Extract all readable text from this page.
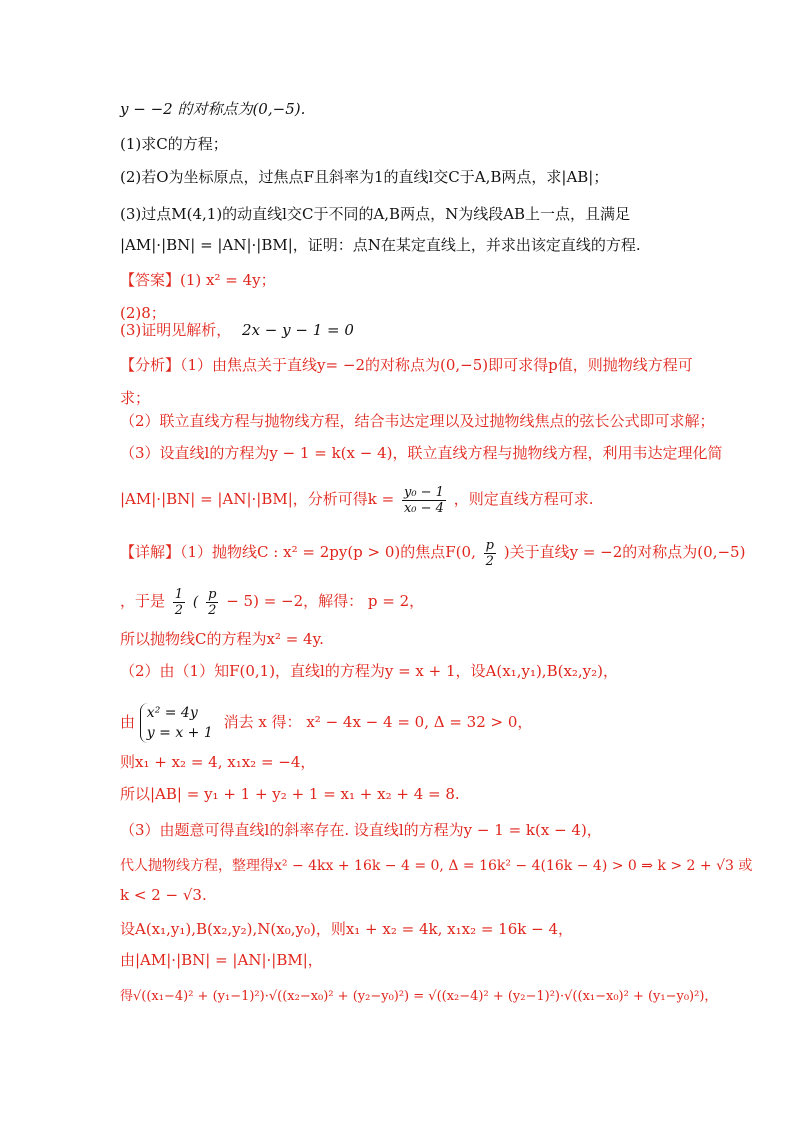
y − −2 的对称点为(0,−5).
(1)求C的方程；
(2)若O为坐标原点，过焦点F且斜率为1的直线l交C于A,B两点，求|AB|；
(3)过点M(4,1)的动直线l交C于不同的A,B两点，N为线段AB上一点，且满足
|AM|·|BN| = |AN|·|BM|，证明：点N在某定直线上，并求出该定直线的方程.
【答案】(1) x² = 4y；
(2)8；
(3)证明见解析， 2x − y − 1 = 0
【分析】（1）由焦点关于直线y= −2的对称点为(0,−5)即可求得p值，则抛物线方程可
求；
（2）联立直线方程与抛物线方程，结合韦达定理以及过抛物线焦点的弦长公式即可求解；
（3）设直线l的方程为y − 1 = k(x − 4)，联立直线方程与抛物线方程，利用韦达定理化简
|AM|·|BN| = |AN|·|BM|，分析可得$k = \frac{\text{y₀ − 1}}{\text{x₀ − 4}}$ ，则定直线方程可求.
【详解】（1）抛物线C : x² = 2py(p > 0)的焦点F(0, $\frac{p}{2}$ )关于直线y = −2的对称点为(0,−5)
，于是 $\frac{1}{2}$ ( $\frac{p}{2} - 5) = -2$，解得： p = 2，
所以抛物线C的方程为x² = 4y.
（2）由（1）知F(0,1)，直线l的方程为y = x + 1，设A(x₁,y₁),B(x₂,y₂)，
由 x² = 4y
y = x + 1
消去 x 得： x² − 4x − 4 = 0, Δ = 32 > 0，
则x₁ + x₂ = 4, x₁x₂ = −4，
所以|AB| = y₁ + 1 + y₂ + 1 = x₁ + x₂ + 4 = 8.
（3）由题意可得直线l的斜率存在. 设直线l的方程为y − 1 = k(x − 4)，
代人抛物线方程，整理得x² − 4kx + 16k − 4 = 0, Δ = 16k² − 4(16k − 4) > 0 ⇒ k > 2 + √3 或
k < 2 − √3.
设A(x₁,y₁),B(x₂,y₂),N(x₀,y₀)，则x₁ + x₂ = 4k, x₁x₂ = 16k − 4，
由|AM|·|BN| = |AN|·|BM|，
得√((x₁−4)² + (y₁−1)²)·√((x₂−x₀)² + (y₂−y₀)²) = √((x₂−4)² + (y₂−1)²)·√((x₁−x₀)² + (y₁−y₀)²)，
